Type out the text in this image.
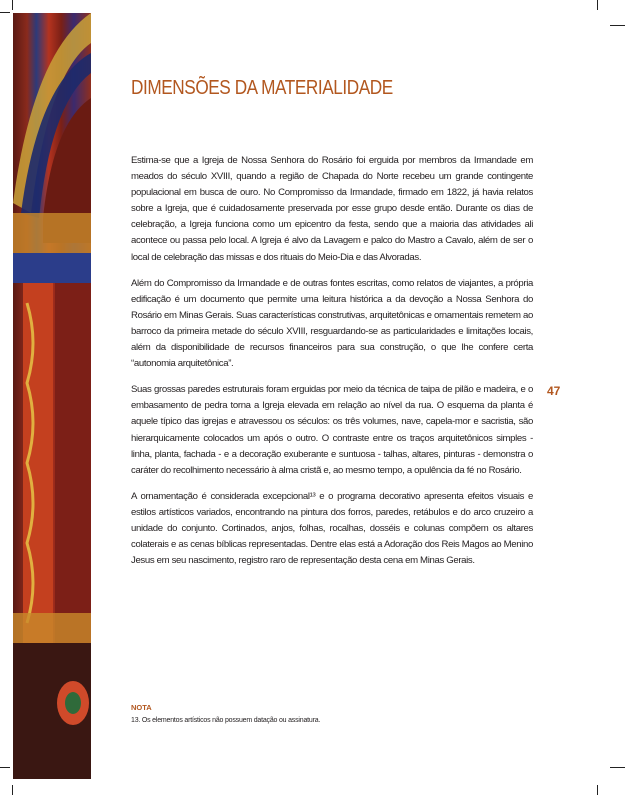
DIMENSÕES DA MATERIALIDADE

Estima-se que a Igreja de Nossa Senhora do Rosário foi erguida por membros da Irmandade em meados do século XVIII, quando a região de Chapada do Norte recebeu um grande contingente populacional em busca de ouro. No Compromisso da Irmandade, firmado em 1822, já havia relatos sobre a Igreja, que é cuidadosamente preservada por esse grupo desde então. Durante os dias de celebração, a Igreja funciona como um epicentro da festa, sendo que a maioria das atividades ali acontece ou passa pelo local. A Igreja é alvo da Lavagem e palco do Mastro a Cavalo, além de ser o local de celebração das missas e dos rituais do Meio-Dia e das Alvoradas.

Além do Compromisso da Irmandade e de outras fontes escritas, como relatos de viajantes, a própria edificação é um documento que permite uma leitura histórica a da devoção a Nossa Senhora do Rosário em Minas Gerais. Suas características construtivas, arquitetônicas e ornamentais remetem ao barroco da primeira metade do século XVIII, resguardando-se as particularidades e limitações locais, além da disponibilidade de recursos financeiros para sua construção, o que lhe confere certa “autonomia arquitetônica”.

Suas grossas paredes estruturais foram erguidas por meio da técnica de taipa de pilão e madeira, e o embasamento de pedra torna a Igreja elevada em relação ao nível da rua. O esquema da planta é aquele típico das igrejas e atravessou os séculos: os três volumes, nave, capela-mor e sacristia, são hierarquicamente colocados um após o outro. O contraste entre os traços arquitetônicos simples - linha, planta, fachada - e a decoração exuberante e suntuosa - talhas, altares, pinturas - demonstra o caráter do recolhimento necessário à alma cristã e, ao mesmo tempo, a opulência da fé no Rosário.

A ornamentação é considerada excepcional¹³ e o programa decorativo apresenta efeitos visuais e estilos artísticos variados, encontrando na pintura dos forros, paredes, retábulos e do arco cruzeiro a unidade do conjunto. Cortinados, anjos, folhas, rocalhas, dosséis e colunas compõem os altares colaterais e as cenas bíblicas representadas. Dentre elas está a Adoração dos Reis Magos ao Menino Jesus em seu nascimento, registro raro de representação desta cena em Minas Gerais.

47
NOTA
13. Os elementos artísticos não possuem datação ou assinatura.
